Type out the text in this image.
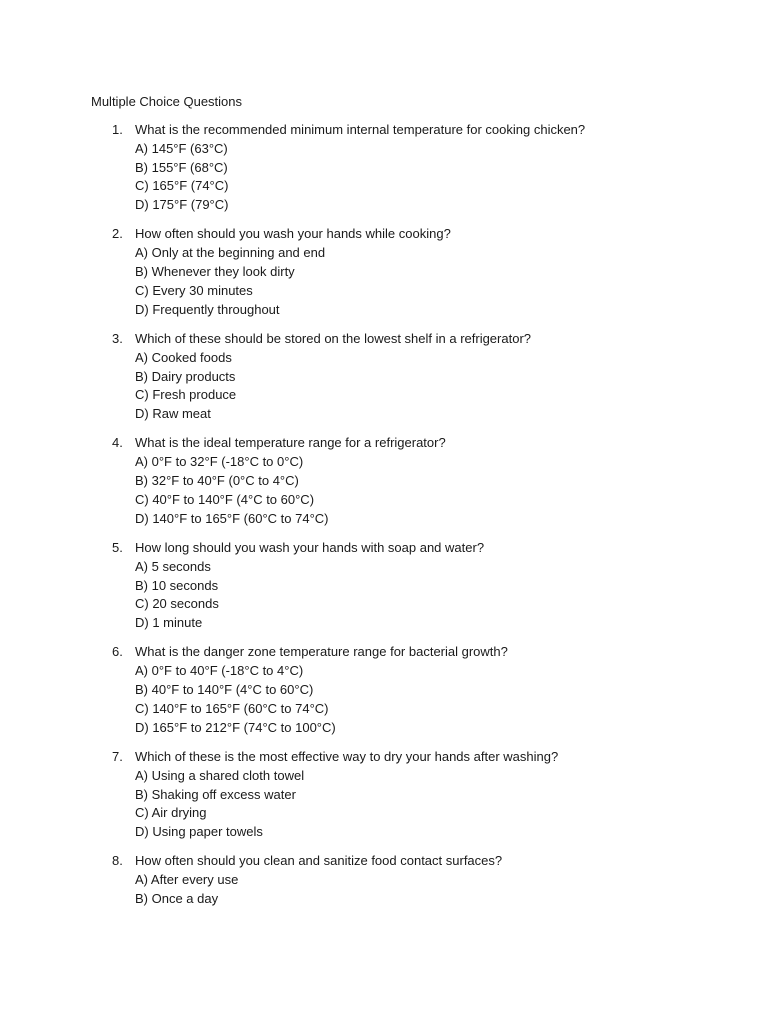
Multiple Choice Questions
1. What is the recommended minimum internal temperature for cooking chicken?
A) 145°F (63°C)
B) 155°F (68°C)
C) 165°F (74°C)
D) 175°F (79°C)
2. How often should you wash your hands while cooking?
A) Only at the beginning and end
B) Whenever they look dirty
C) Every 30 minutes
D) Frequently throughout
3. Which of these should be stored on the lowest shelf in a refrigerator?
A) Cooked foods
B) Dairy products
C) Fresh produce
D) Raw meat
4. What is the ideal temperature range for a refrigerator?
A) 0°F to 32°F (-18°C to 0°C)
B) 32°F to 40°F (0°C to 4°C)
C) 40°F to 140°F (4°C to 60°C)
D) 140°F to 165°F (60°C to 74°C)
5. How long should you wash your hands with soap and water?
A) 5 seconds
B) 10 seconds
C) 20 seconds
D) 1 minute
6. What is the danger zone temperature range for bacterial growth?
A) 0°F to 40°F (-18°C to 4°C)
B) 40°F to 140°F (4°C to 60°C)
C) 140°F to 165°F (60°C to 74°C)
D) 165°F to 212°F (74°C to 100°C)
7. Which of these is the most effective way to dry your hands after washing?
A) Using a shared cloth towel
B) Shaking off excess water
C) Air drying
D) Using paper towels
8. How often should you clean and sanitize food contact surfaces?
A) After every use
B) Once a day
